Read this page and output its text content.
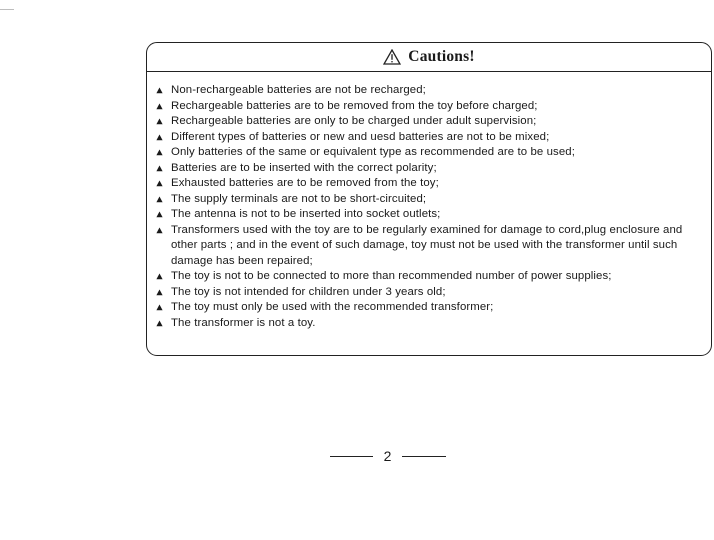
Cautions!
Non-rechargeable batteries are not be recharged;
Rechargeable batteries are to be removed from the toy before charged;
Rechargeable batteries are only to be charged under adult supervision;
Different types of batteries or new and uesd batteries are not to be mixed;
Only batteries of the same or equivalent type as recommended are to be used;
Batteries are to be inserted with the correct polarity;
Exhausted batteries are to be removed from the toy;
The supply terminals are not to be short-circuited;
The antenna is not to be inserted into socket outlets;
Transformers used with the toy are to be regularly examined for damage to cord,plug enclosure and other parts ; and in the event of such damage, toy must not be used with the transformer until such damage has been repaired;
The toy is not to be connected to more than recommended number of power supplies;
The toy is not intended for children under 3 years old;
The toy must only be used with the recommended transformer;
The transformer is not a toy.
2
